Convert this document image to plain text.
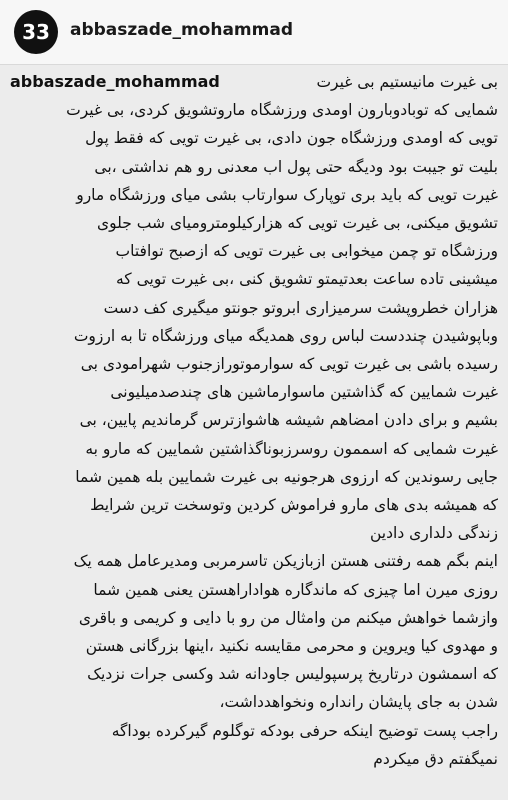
33	abbaszade_mohammad
abbaszade_mohammad	بی غیرت مانیستیم بی غیرت
شمایی که توبادوبارون اومدی ورزشگاه ماروتشویق کردی، بی غیرت
تویی که اومدی ورزشگاه جون دادی، بی غیرت تویی که فقط پول
بلیت تو جیبت بود ودیگه حتی پول اب معدنی رو هم نداشتی ،بی
غیرت تویی که باید بری توپارک سوارتاب بشی میای ورزشگاه مارو
تشویق میکنی، بی غیرت تویی که هزارکیلومترومیای شب جلوی
ورزشگاه تو چمن میخوابی بی غیرت تویی که ازصبح توافتاب
میشینی تاده ساعت بعدتیمتو تشویق کنی ،بی غیرت تویی که
هزاران خطروپشت سرمیزاری ابروتو جونتو میگیری کف دست
وباپوشیدن چنددست لباس روی همدیگه میای ورزشگاه تا به ارزوت
رسیده باشی بی غیرت تویی که سوارموتورازجنوب شهرامودی بی
غیرت شمایین که گذاشتین ماسوارماشین های چندصدمیلیونی
بشیم و برای دادن امضاهم شیشه هاشوازترس گرماندیم پایین، بی
غیرت شمایی که اسممون روسرزبوناگذاشتین شمایین که مارو به
جایی رسوندین که ارزوی هرجونیه بی غیرت شمایین بله همین شما
که همیشه بدی های مارو فراموش کردین وتوسخت ترین شرایط
زندگی دلداری دادین
اینم بگم همه رفتنی هستن ازبازیکن تاسرمربی ومدیرعامل همه یک
روزی میرن اما چیزی که ماندگاره هواداراهستن یعنی همین شما
وازشما خواهش میکنم من وامثال من رو با دایی و کریمی و باقری
و مهدوی کیا ویروین و محرمی مقایسه نکنید ،اینها بزرگانی هستن
که اسمشون درتاریخ پرسپولیس جاودانه شد وکسی جرات نزدیک
شدن به جای پایشان رانداره ونخواهدداشت،
راجب پست توضیح اینکه حرفی بودکه توگلوم گیرکرده بوداگه
نمیگفتم دق میکردم
